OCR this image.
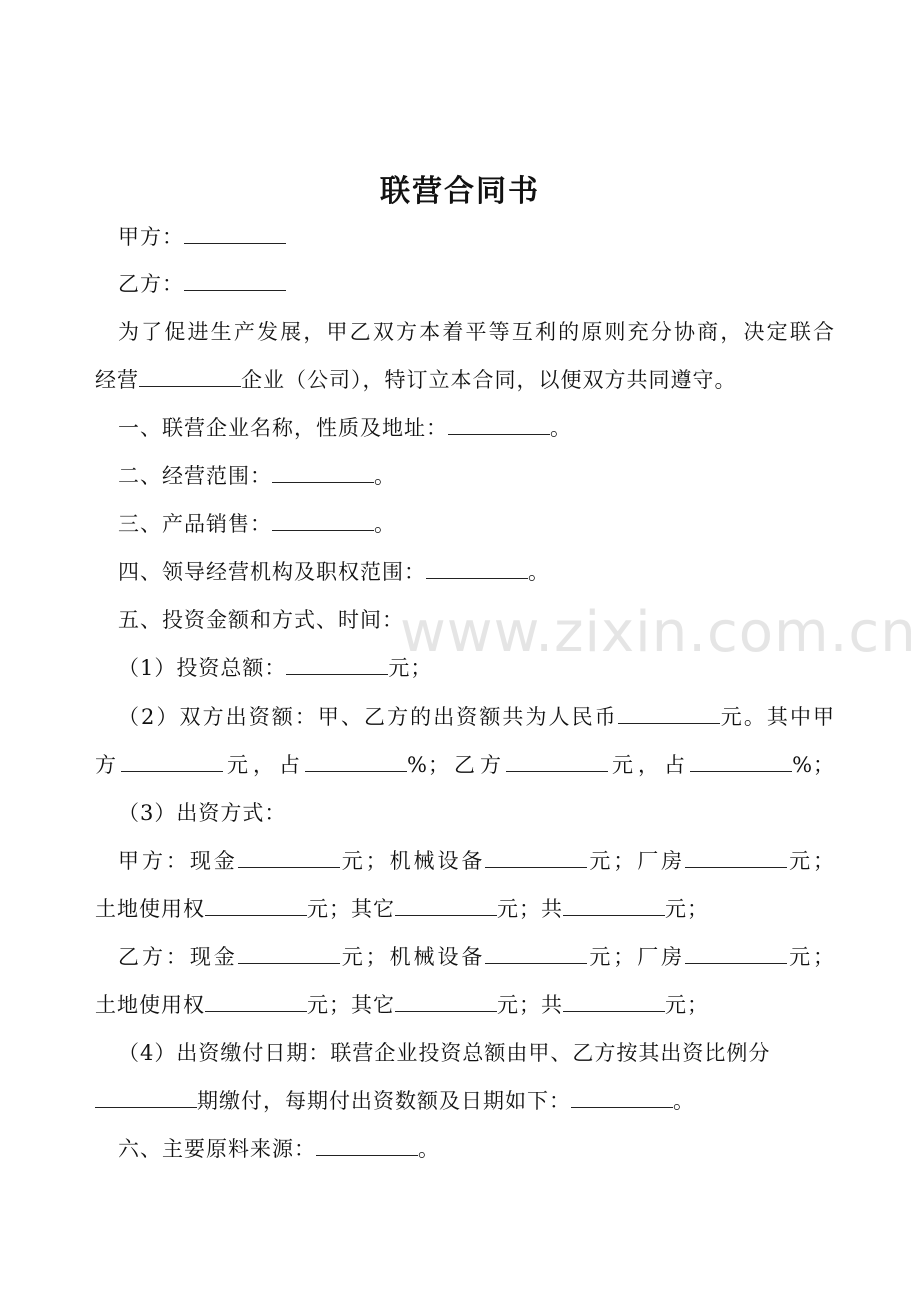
联营合同书
甲方：
乙方：
为了促进生产发展，甲乙双方本着平等互利的原则充分协商，决定联合
经营	企业（公司），特订立本合同，以便双方共同遵守。
一、联营企业名称，性质及地址：	。
二、经营范围：	。
三、产品销售：	。
四、领导经营机构及职权范围：	。
五、投资金额和方式、时间：
www.zixin.com.cn
（1）投资总额：	元；
（2）双方出资额：甲、乙方的出资额共为人民币	元。其中甲
方	元，占	%；乙方	元，占	%；
（3）出资方式：
甲方：现金	元；机械设备	元；厂房	元；
土地使用权	元；其它	元；共	元；
乙方：现金	元；机械设备	元；厂房	元；
土地使用权	元；其它	元；共	元；
（4）出资缴付日期：联营企业投资总额由甲、乙方按其出资比例分
期缴付，每期付出资数额及日期如下：	。
六、主要原料来源：	。
